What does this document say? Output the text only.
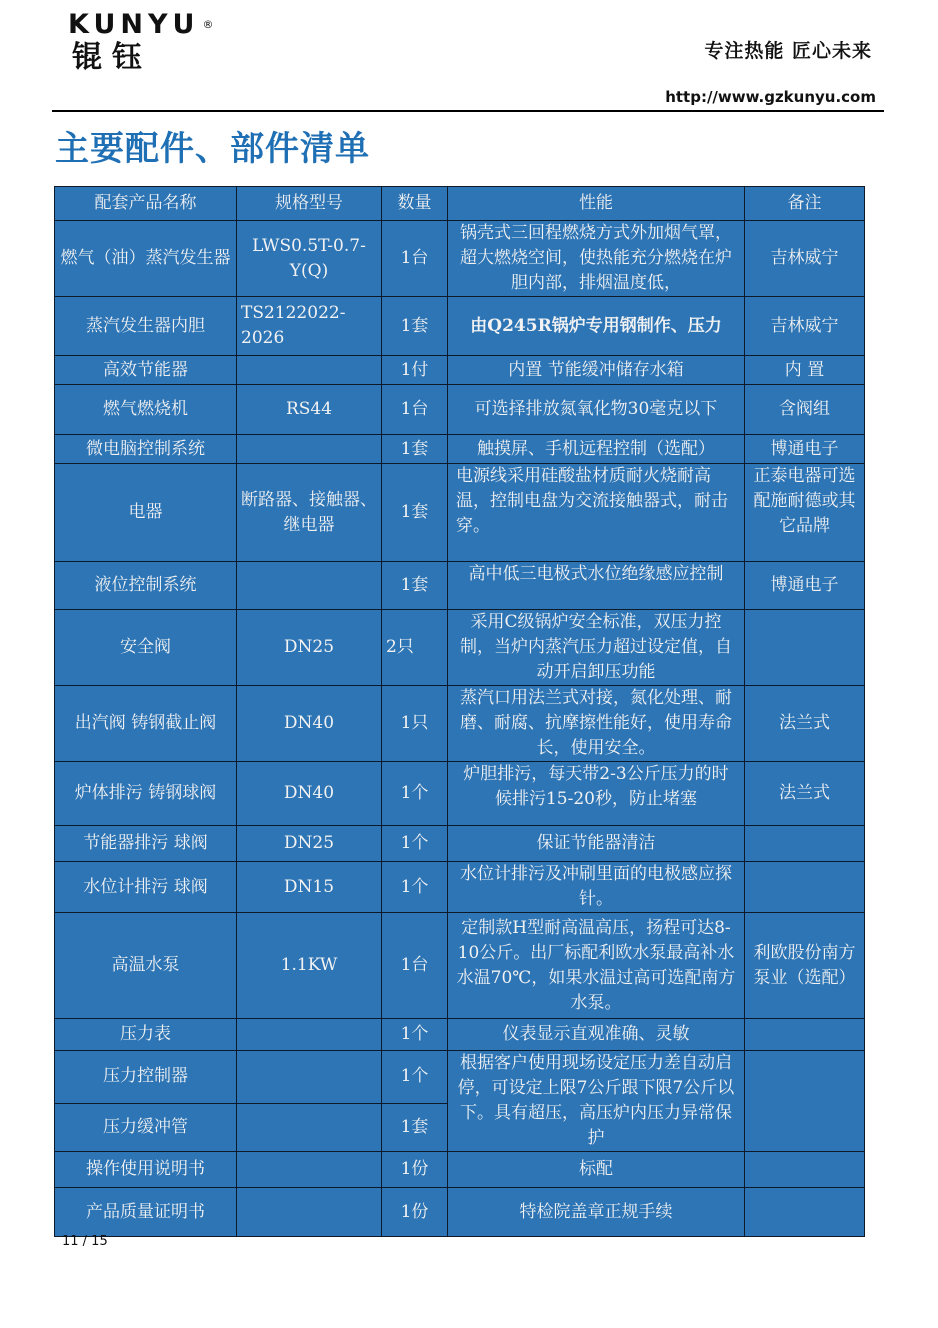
KUNYU ®
锟钰	专注热能 匠心未来
http://www.gzkunyu.com
主要配件、部件清单
配套产品名称	规格型号	数量	性能	备注
燃气（油）蒸汽发生器	LWS0.5T-0.7-Y(Q)	1台	锅壳式三回程燃烧方式外加烟气罩，超大燃烧空间，使热能充分燃烧在炉胆内部，排烟温度低，	吉林威宁
蒸汽发生器内胆	TS2122022-2026	1套	由Q245R锅炉专用钢制作、压力	吉林威宁
高效节能器		1付	内置 节能缓冲储存水箱	内 置
燃气燃烧机	RS44	1台	可选择排放氮氧化物30毫克以下	含阀组
微电脑控制系统		1套	触摸屏、手机远程控制（选配）	博通电子
电器	断路器、接触器、继电器	1套	电源线采用硅酸盐材质耐火烧耐高温，控制电盘为交流接触器式，耐击穿。	正泰电器可选配施耐德或其它品牌
液位控制系统		1套	高中低三电极式水位绝缘感应控制	博通电子
安全阀	DN25	2只	采用C级锅炉安全标准，双压力控制，当炉内蒸汽压力超过设定值，自动开启卸压功能	
出汽阀 铸钢截止阀	DN40	1只	蒸汽口用法兰式对接，氮化处理、耐磨、耐腐、抗摩擦性能好，使用寿命长，使用安全。	法兰式
炉体排污 铸钢球阀	DN40	1个	炉胆排污，每天带2-3公斤压力的时候排污15-20秒，防止堵塞	法兰式
节能器排污 球阀	DN25	1个	保证节能器清洁	
水位计排污 球阀	DN15	1个	水位计排污及冲刷里面的电极感应探针。	
高温水泵	1.1KW	1台	定制款H型耐高温高压，扬程可达8-10公斤。出厂标配利欧水泵最高补水水温70℃，如果水温过高可选配南方水泵。	利欧股份南方泵业（选配）
压力表		1个	仪表显示直观准确、灵敏	
压力控制器		1个	根据客户使用现场设定压力差自动启停，可设定上限7公斤跟下限7公斤以下。具有超压，高压炉内压力异常保护	
压力缓冲管		1套		
操作使用说明书		1份	标配	
产品质量证明书		1份	特检院盖章正规手续	
11 / 15
